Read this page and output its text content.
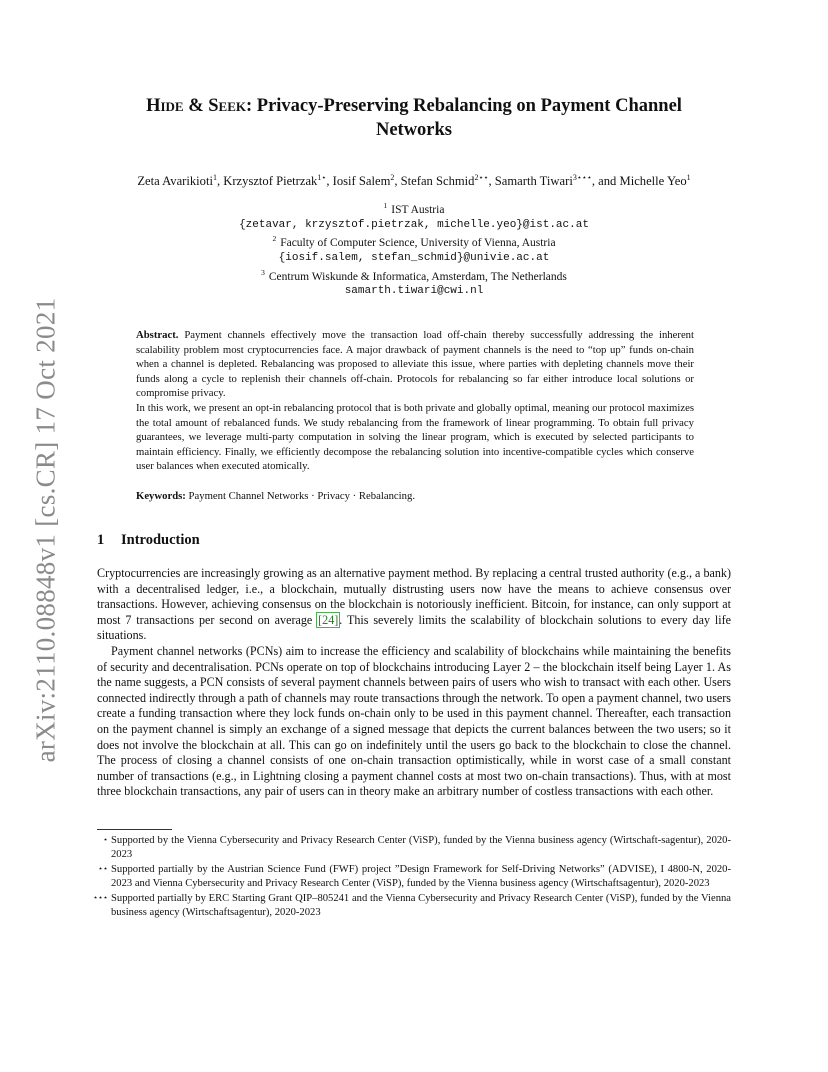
arXiv:2110.08848v1 [cs.CR] 17 Oct 2021
Hide & Seek: Privacy-Preserving Rebalancing on Payment Channel
Networks
Zeta Avarikioti$^1$, Krzysztof Pietrzak$^{1⋆}$, Iosif Salem$^2$, Stefan Schmid$^{2⋆⋆}$, Samarth Tiwari$^{3⋆⋆⋆}$, and Michelle Yeo$^1$
$^1$ IST Austria
{zetavar, krzysztof.pietrzak, michelle.yeo}@ist.ac.at
$^2$ Faculty of Computer Science, University of Vienna, Austria
{iosif.salem, stefan_schmid}@univie.ac.at
$^3$ Centrum Wiskunde & Informatica, Amsterdam, The Netherlands
samarth.tiwari@cwi.nl

Abstract. Payment channels effectively move the transaction load off-chain thereby successfully addressing the inherent scalability problem most cryptocurrencies face. A major drawback of payment channels is the need to “top up” funds on-chain when a channel is depleted. Rebalancing was proposed to alleviate this issue, where parties with depleting channels move their funds along a cycle to replenish their channels off-chain. Protocols for rebalancing so far either introduce local solutions or compromise privacy.

In this work, we present an opt-in rebalancing protocol that is both private and globally optimal, meaning our protocol maximizes the total amount of rebalanced funds. We study rebalancing from the framework of linear programming. To obtain full privacy guarantees, we leverage multi-party computation in solving the linear program, which is executed by selected participants to maintain efficiency. Finally, we efficiently decompose the rebalancing solution into incentive-compatible cycles which conserve user balances when executed atomically.

Keywords: Payment Channel Networks · Privacy · Rebalancing.
1 Introduction

Cryptocurrencies are increasingly growing as an alternative payment method. By replacing a central trusted authority (e.g., a bank) with a decentralised ledger, i.e., a blockchain, mutually distrusting users now have the means to achieve consensus over transactions. However, achieving consensus on the blockchain is notoriously inefficient. Bitcoin, for instance, can only support at most 7 transactions per second on average [24]. This severely limits the scalability of blockchain solutions to every day life situations.

Payment channel networks (PCNs) aim to increase the efficiency and scalability of blockchains while maintaining the benefits of security and decentralisation. PCNs operate on top of blockchains introducing Layer 2 – the blockchain itself being Layer 1. As the name suggests, a PCN consists of several payment channels between pairs of users who wish to transact with each other. Users connected indirectly through a path of channels may route transactions through the network. To open a payment channel, two users create a funding transaction where they lock funds on-chain only to be used in this payment channel. Thereafter, each transaction on the payment channel is simply an exchange of a signed message that depicts the current balances between the two users; so it does not involve the blockchain at all. This can go on indefinitely until the users go back to the blockchain to close the channel. The process of closing a channel consists of one on-chain transaction optimistically, while in worst case of a small constant number of transactions (e.g., in Lightning closing a payment channel costs at most two on-chain transactions). Thus, with at most three blockchain transactions, any pair of users can in theory make an arbitrary number of costless transactions with each other.

⋆ Supported by the Vienna Cybersecurity and Privacy Research Center (ViSP), funded by the Vienna business agency (Wirtschaft-sagentur), 2020-2023
⋆⋆ Supported partially by the Austrian Science Fund (FWF) project ”Design Framework for Self-Driving Networks” (ADVISE), I 4800-N, 2020-2023 and Vienna Cybersecurity and Privacy Research Center (ViSP), funded by the Vienna business agency (Wirtschaftsagentur), 2020-2023
⋆⋆⋆ Supported partially by ERC Starting Grant QIP–805241 and the Vienna Cybersecurity and Privacy Research Center (ViSP), funded by the Vienna business agency (Wirtschaftsagentur), 2020-2023
